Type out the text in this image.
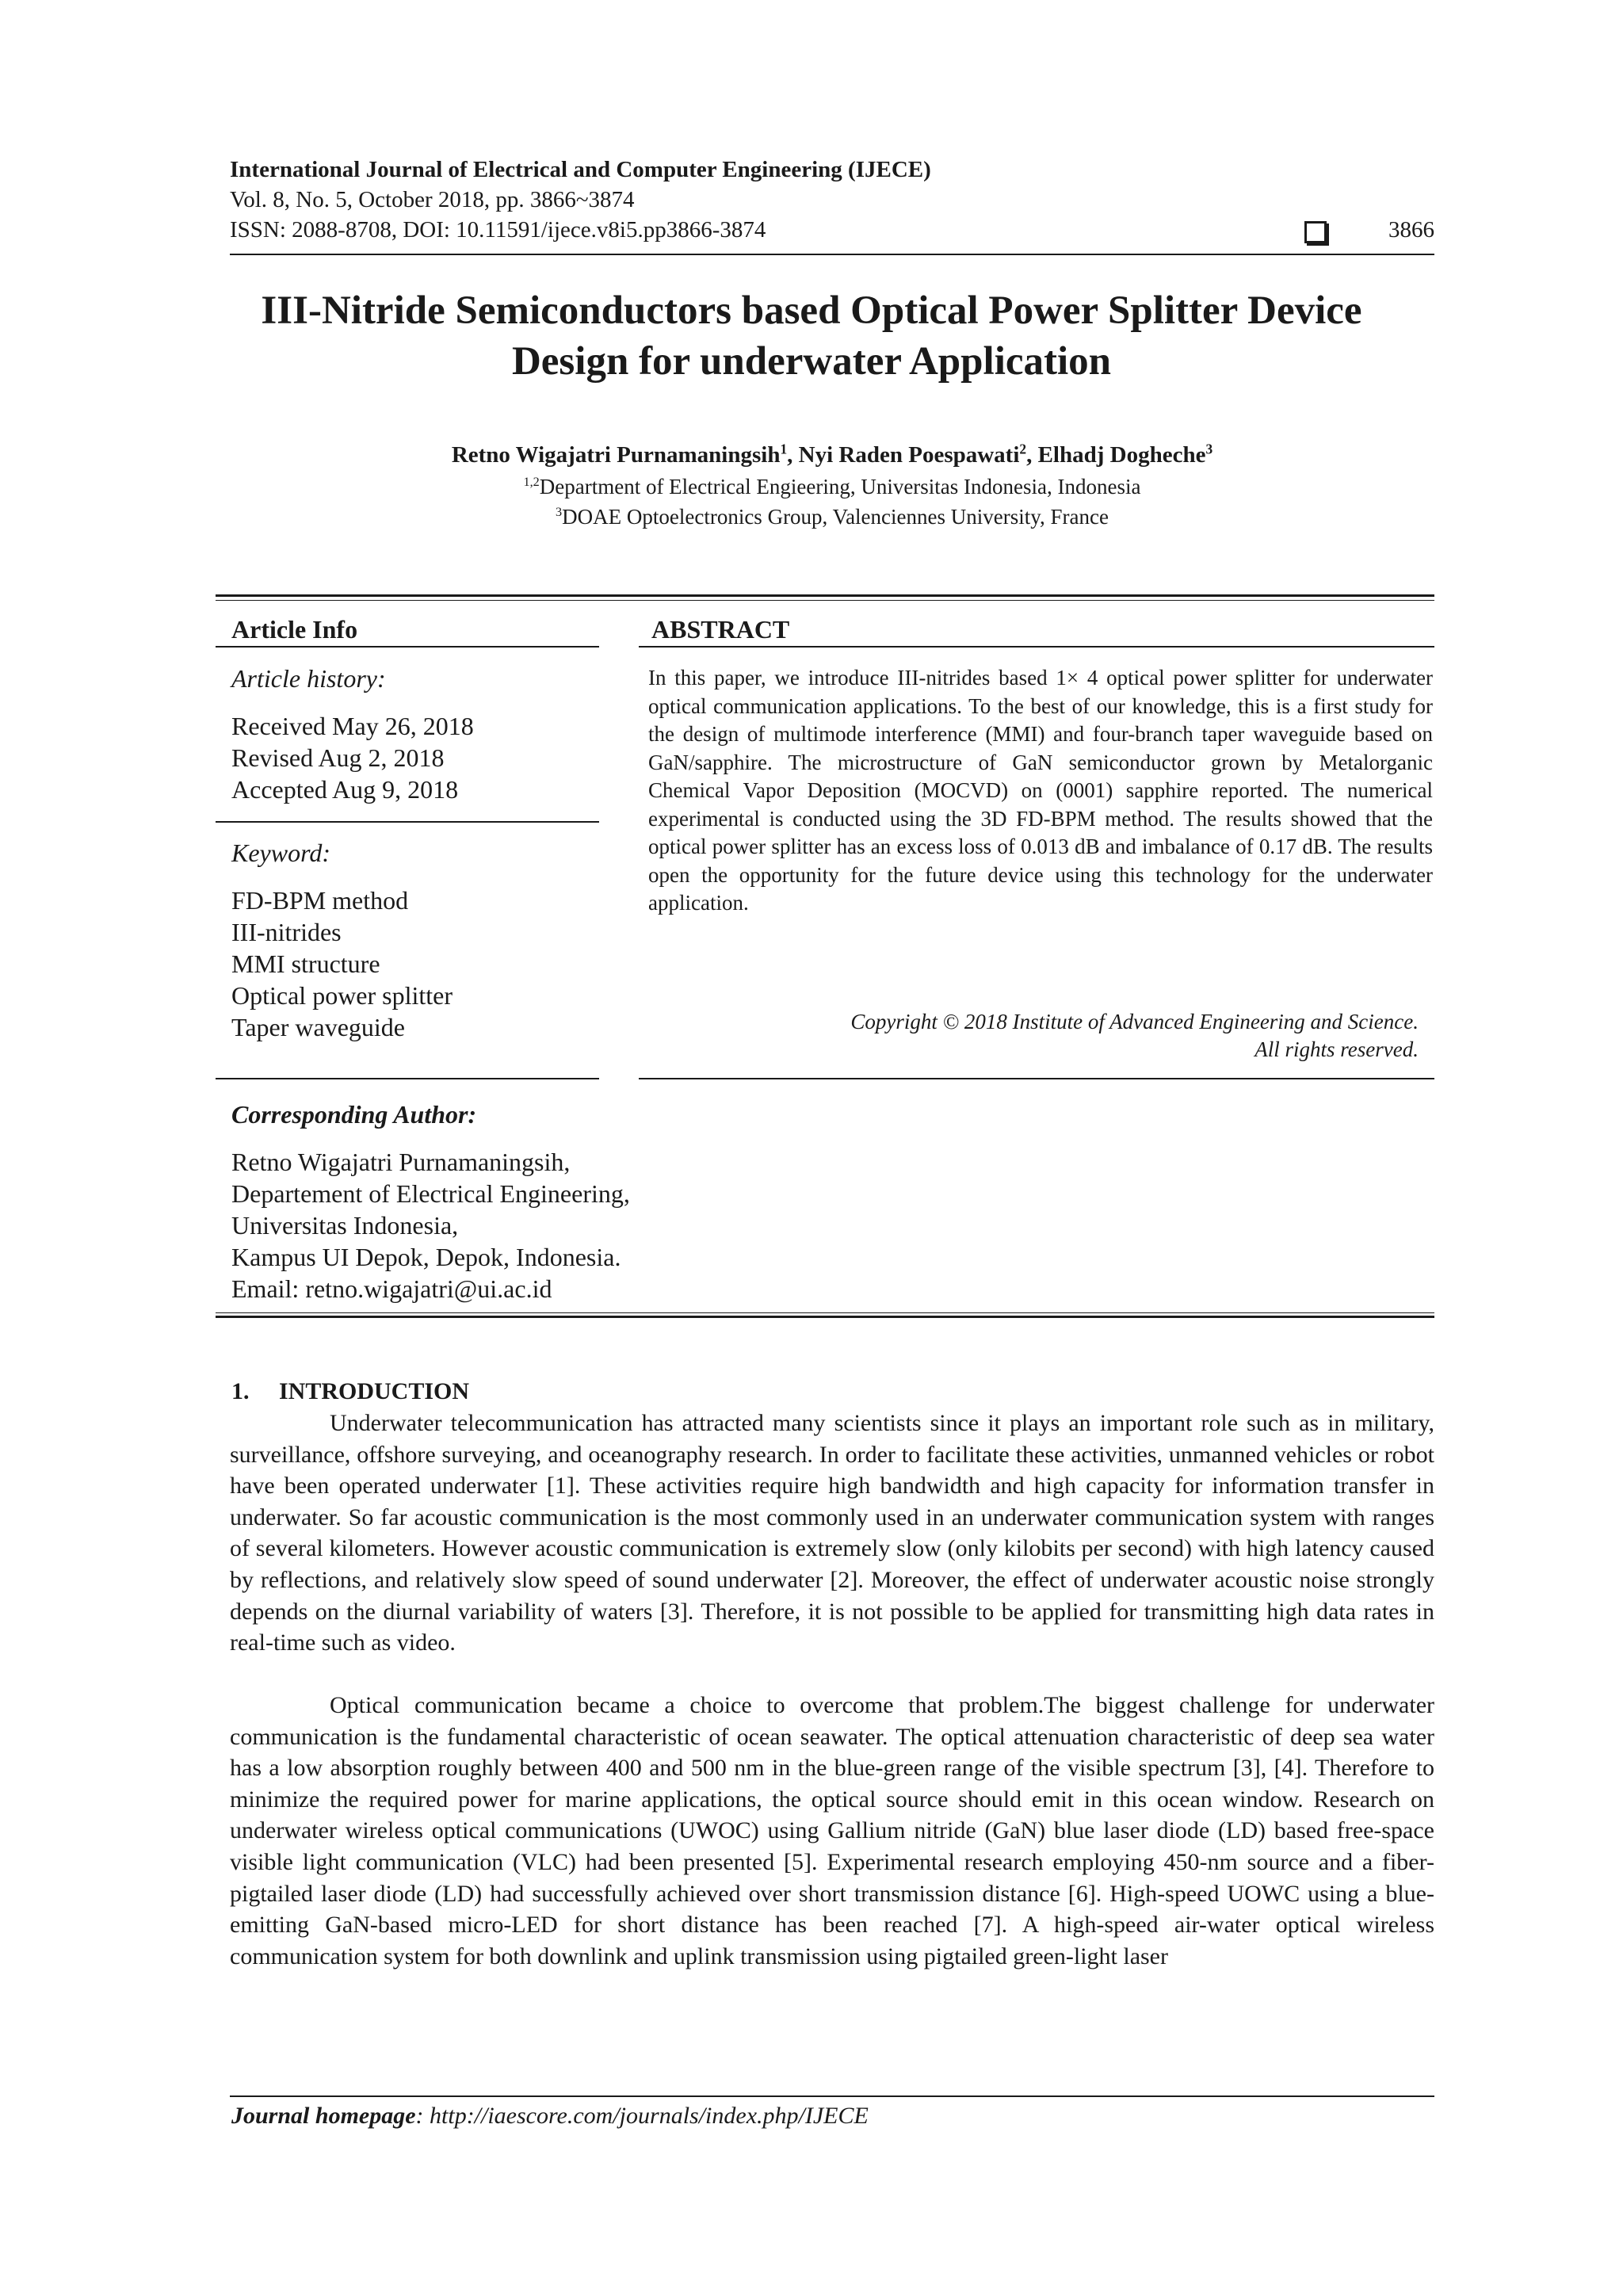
International Journal of Electrical and Computer Engineering (IJECE)
Vol. 8, No. 5, October 2018, pp. 3866~3874
ISSN: 2088-8708, DOI: 10.11591/ijece.v8i5.pp3866-3874	3866
III-Nitride Semiconductors based Optical Power Splitter Device
Design for underwater Application
Retno Wigajatri Purnamaningsih$^1$, Nyi Raden Poespawati$^2$, Elhadj Dogheche$^3$
$^{1,2}$Department of Electrical Engieering, Universitas Indonesia, Indonesia
$^3$DOAE Optoelectronics Group, Valenciennes University, France
Article Info
Article history:
Received May 26, 2018
Revised Aug 2, 2018
Accepted Aug 9, 2018
Keyword:
FD-BPM method
III-nitrides
MMI structure
Optical power splitter
Taper waveguide
ABSTRACT
In this paper, we introduce III-nitrides based 1× 4 optical power splitter for underwater optical communication applications. To the best of our knowledge, this is a first study for the design of multimode interference (MMI) and four-branch taper waveguide based on GaN/sapphire. The microstructure of GaN semiconductor grown by Metalorganic Chemical Vapor Deposition (MOCVD) on (0001) sapphire reported. The numerical experimental is conducted using the 3D FD-BPM method. The results showed that the optical power splitter has an excess loss of 0.013 dB and imbalance of 0.17 dB. The results open the opportunity for the future device using this technology for the underwater application.
Copyright © 2018 Institute of Advanced Engineering and Science.
All rights reserved.
Corresponding Author:
Retno Wigajatri Purnamaningsih,
Departement of Electrical Engineering,
Universitas Indonesia,
Kampus UI Depok, Depok, Indonesia.
Email: retno.wigajatri@ui.ac.id
1.     INTRODUCTION
Underwater telecommunication has attracted many scientists since it plays an important role such as in military, surveillance, offshore surveying, and oceanography research. In order to facilitate these activities, unmanned vehicles or robot have been operated underwater [1]. These activities require high bandwidth and high capacity for information transfer in underwater. So far acoustic communication is the most commonly used in an underwater communication system with ranges of several kilometers. However acoustic communication is extremely slow (only kilobits per second) with high latency caused by reflections, and relatively slow speed of sound underwater [2]. Moreover, the effect of underwater acoustic noise strongly depends on the diurnal variability of waters [3]. Therefore, it is not possible to be applied for transmitting high data rates in real-time such as video.
Optical communication became a choice to overcome that problem.The biggest challenge for underwater communication is the fundamental characteristic of ocean seawater. The optical attenuation characteristic of deep sea water has a low absorption roughly between 400 and 500 nm in the blue-green range of the visible spectrum [3], [4]. Therefore to minimize the required power for marine applications, the optical source should emit in this ocean window. Research on underwater wireless optical communications (UWOC) using Gallium nitride (GaN) blue laser diode (LD) based free-space visible light communication (VLC) had been presented [5]. Experimental research employing 450-nm source and a fiber-pigtailed laser diode (LD) had successfully achieved over short transmission distance [6]. High-speed UOWC using a blue-emitting GaN-based micro-LED for short distance has been reached [7]. A high-speed air-water optical wireless communication system for both downlink and uplink transmission using pigtailed green-light laser
Journal homepage: http://iaescore.com/journals/index.php/IJECE
